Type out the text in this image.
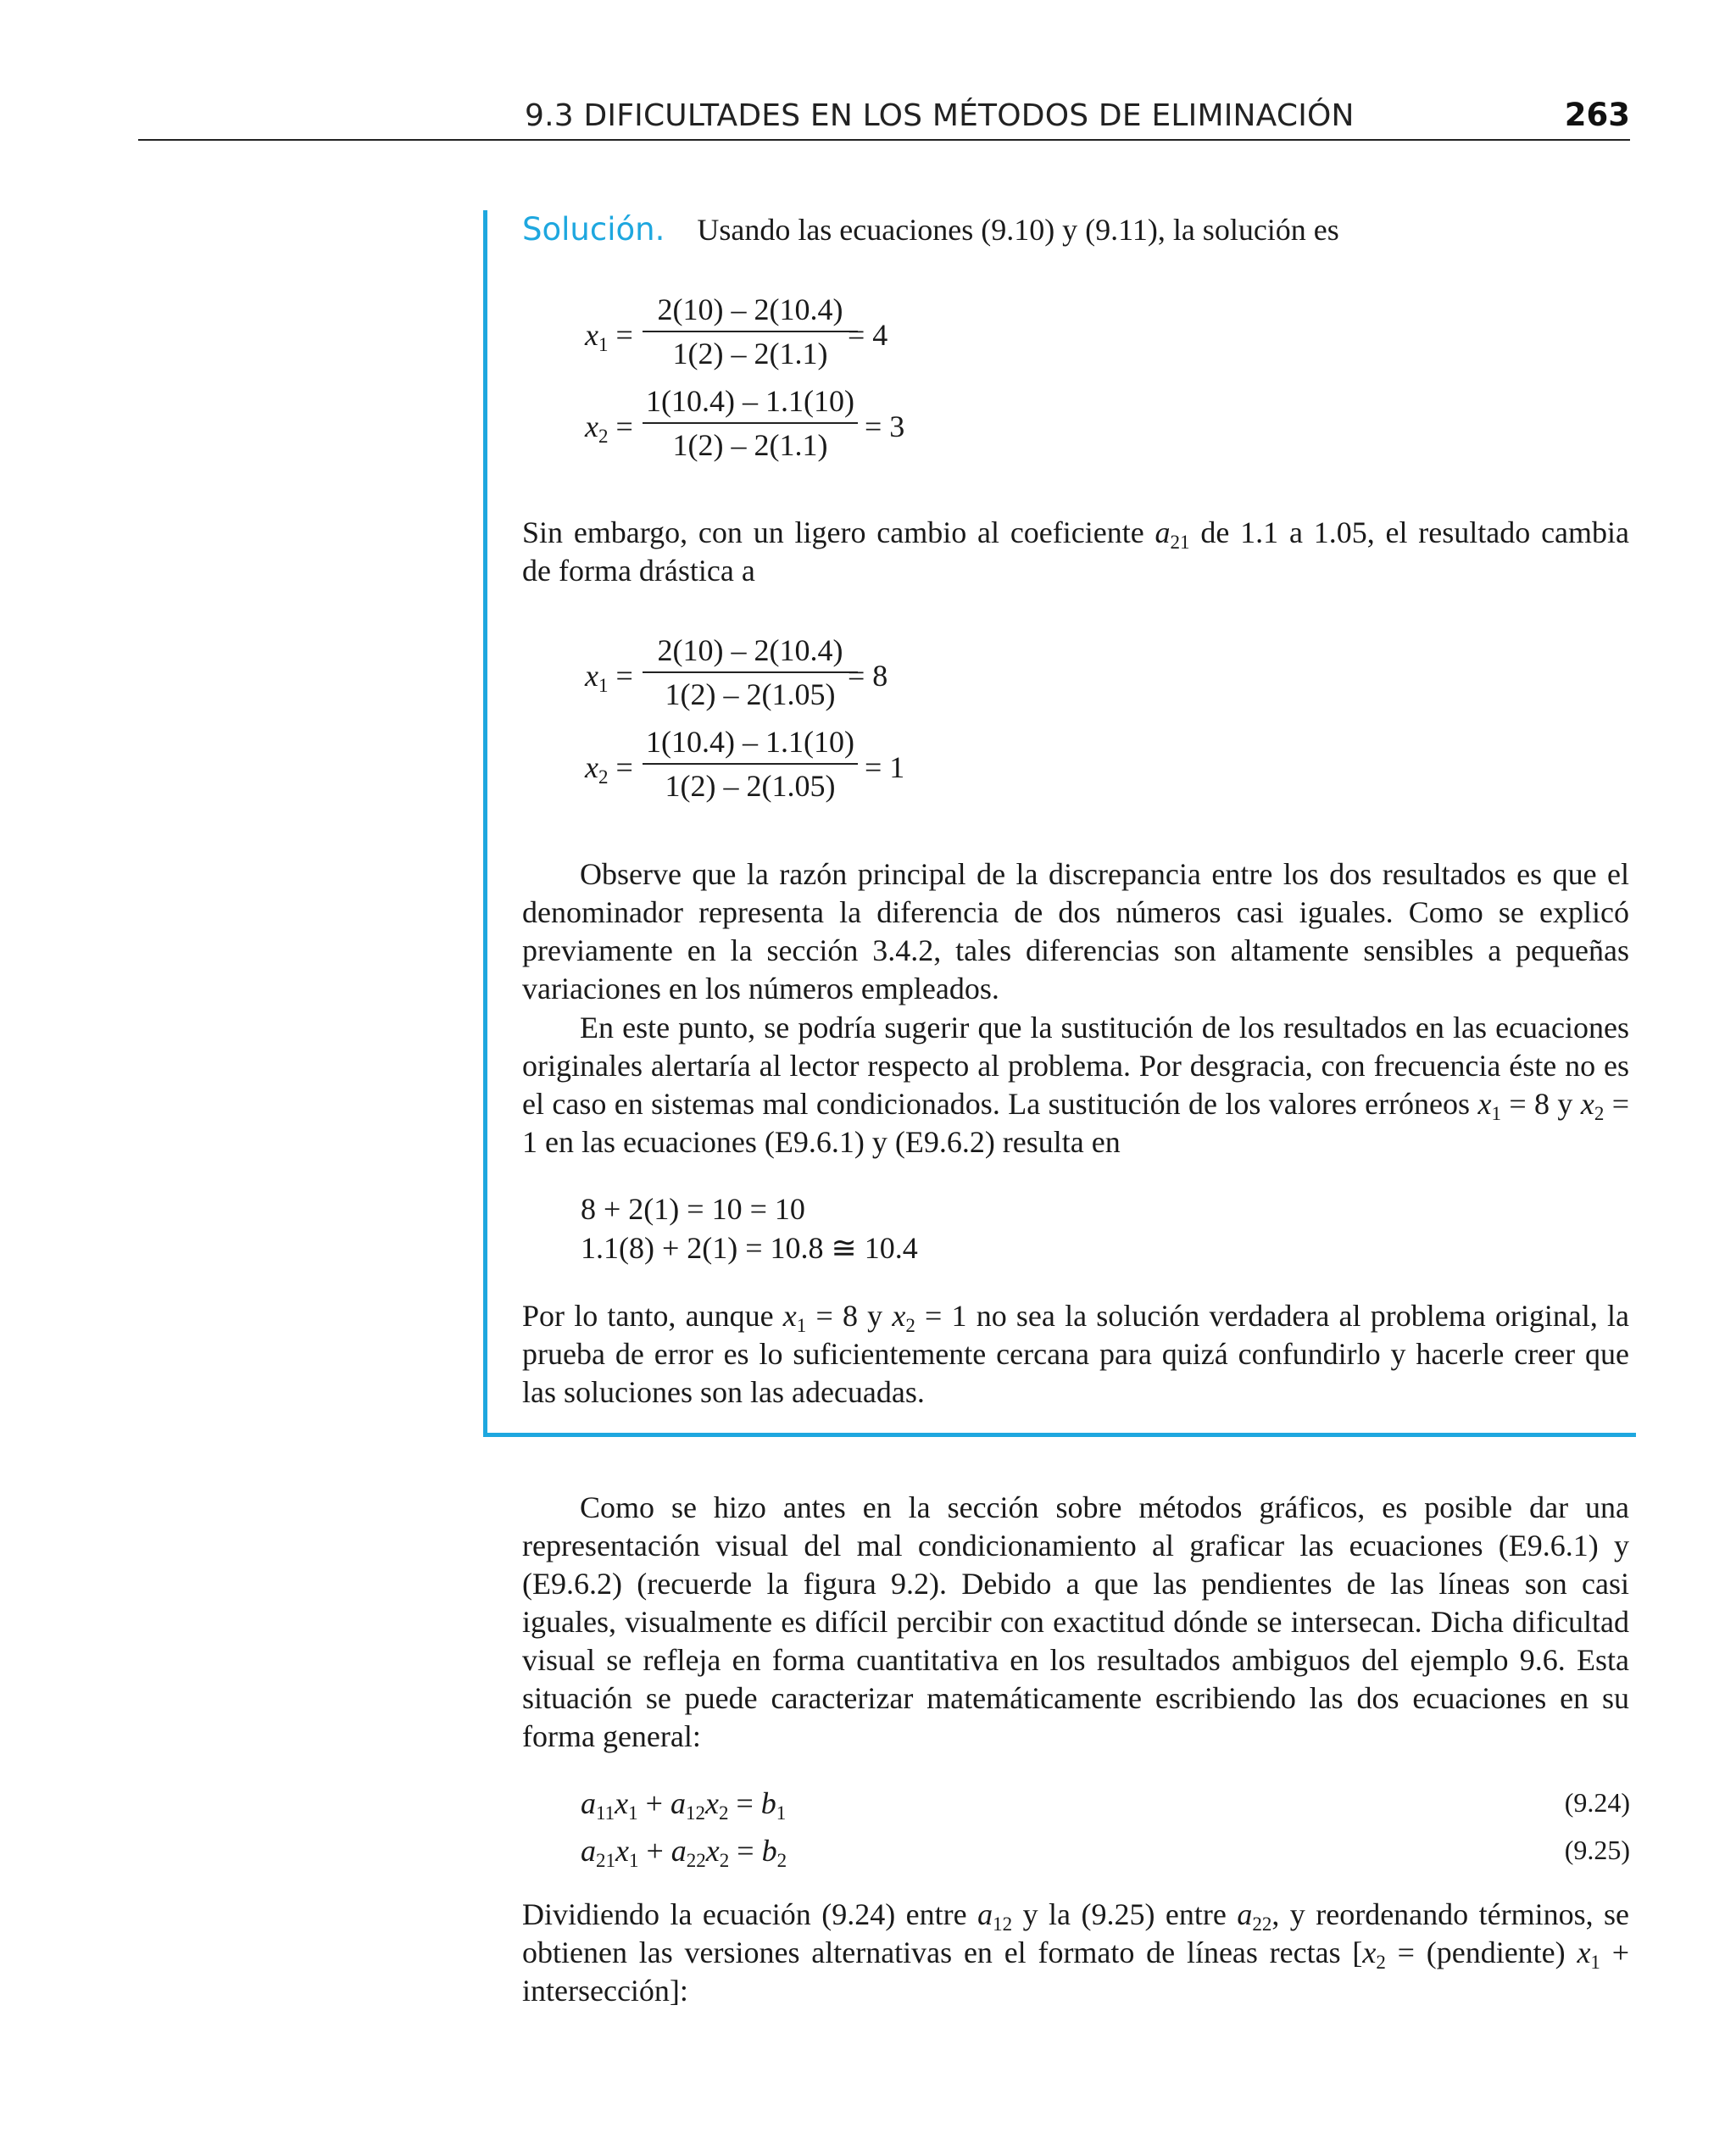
9.3 DIFICULTADES EN LOS MÉTODOS DE ELIMINACIÓN	263
Solución. Usando las ecuaciones (9.10) y (9.11), la solución es
$x_1$ =
2(10) – 2(10.4)
1(2) – 2(1.1)
= 4
$x_2$ =
1(10.4) – 1.1(10)
1(2) – 2(1.1)
= 3
Sin embargo, con un ligero cambio al coeficiente $a_{21}$ de 1.1 a 1.05, el resultado cambia
de forma drástica a
$x_1$ =
2(10) – 2(10.4)
1(2) – 2(1.05)
= 8
$x_2$ =
1(10.4) – 1.1(10)
1(2) – 2(1.05)
= 1
Observe que la razón principal de la discrepancia entre los dos resultados es que el denominador representa la diferencia de dos números casi iguales. Como se explicó previamente en la sección 3.4.2, tales diferencias son altamente sensibles a pequeñas variaciones en los números empleados.
En este punto, se podría sugerir que la sustitución de los resultados en las ecuaciones originales alertaría al lector respecto al problema. Por desgracia, con frecuencia éste no es el caso en sistemas mal condicionados. La sustitución de los valores erróneos $x_1 = 8$ y $x_2 = 1$ en las ecuaciones (E9.6.1) y (E9.6.2) resulta en
8 + 2(1) = 10 = 10
1.1(8) + 2(1) = 10.8 ≅ 10.4
Por lo tanto, aunque $x_1 = 8$ y $x_2 = 1$ no sea la solución verdadera al problema original, la prueba de error es lo suficientemente cercana para quizá confundirlo y hacerle creer que las soluciones son las adecuadas.
Como se hizo antes en la sección sobre métodos gráficos, es posible dar una representación visual del mal condicionamiento al graficar las ecuaciones (E9.6.1) y (E9.6.2) (recuerde la figura 9.2). Debido a que las pendientes de las líneas son casi iguales, visualmente es difícil percibir con exactitud dónde se intersecan. Dicha dificultad visual se refleja en forma cuantitativa en los resultados ambiguos del ejemplo 9.6. Esta situación se puede caracterizar matemáticamente escribiendo las dos ecuaciones en su forma general:
$a_{11}x_1 + a_{12}x_2 = b_1$	(9.24)
$a_{21}x_1 + a_{22}x_2 = b_2$	(9.25)
Dividiendo la ecuación (9.24) entre $a_{12}$ y la (9.25) entre $a_{22}$, y reordenando términos, se obtienen las versiones alternativas en el formato de líneas rectas [$x_2$ = (pendiente) $x_1$ + intersección]:
